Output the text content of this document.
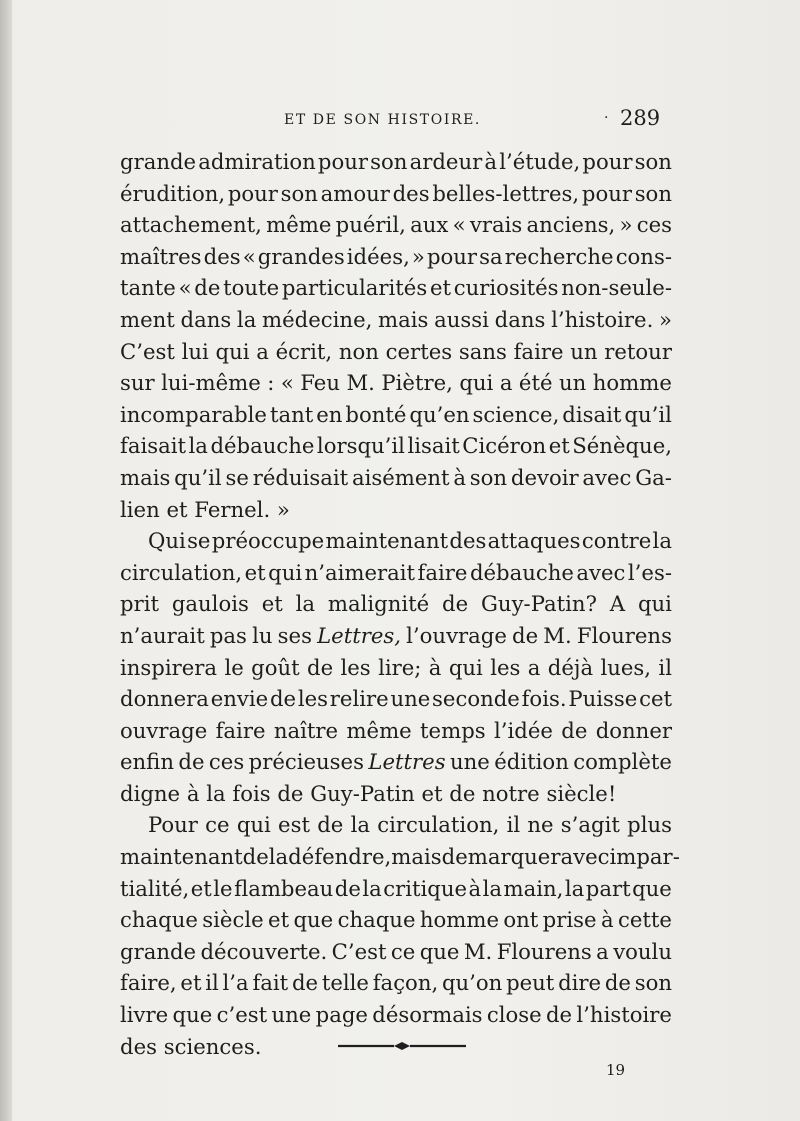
ET DE SON HISTOIRE.	· 289
grande admiration pour son ardeur à l’étude, pour son
érudition, pour son amour des belles-lettres, pour son
attachement, même puéril, aux « vrais anciens, » ces
maîtres des « grandes idées, » pour sa recherche cons-
tante « de toute particularités et curiosités non-seule-
ment dans la médecine, mais aussi dans l’histoire. »
C’est lui qui a écrit, non certes sans faire un retour
sur lui-même : « Feu M. Piètre, qui a été un homme
incomparable tant en bonté qu’en science, disait qu’il
faisait la débauche lorsqu’il lisait Cicéron et Sénèque,
mais qu’il se réduisait aisément à son devoir avec Ga-
lien et Fernel. »
Qui se préoccupe maintenant des attaques contre la
circulation, et qui n’aimerait faire débauche avec l’es-
prit gaulois et la malignité de Guy-Patin? A qui
n’aurait pas lu ses Lettres, l’ouvrage de M. Flourens
inspirera le goût de les lire; à qui les a déjà lues, il
donnera envie de les relire une seconde fois. Puisse cet
ouvrage faire naître même temps l’idée de donner
enfin de ces précieuses Lettres une édition complète
digne à la fois de Guy-Patin et de notre siècle!
Pour ce qui est de la circulation, il ne s’agit plus
maintenant de la défendre, mais de marquer avec impar-
tialité, et le flambeau de la critique à la main, la part que
chaque siècle et que chaque homme ont prise à cette
grande découverte. C’est ce que M. Flourens a voulu
faire, et il l’a fait de telle façon, qu’on peut dire de son
livre que c’est une page désormais close de l’histoire
des sciences.
19
